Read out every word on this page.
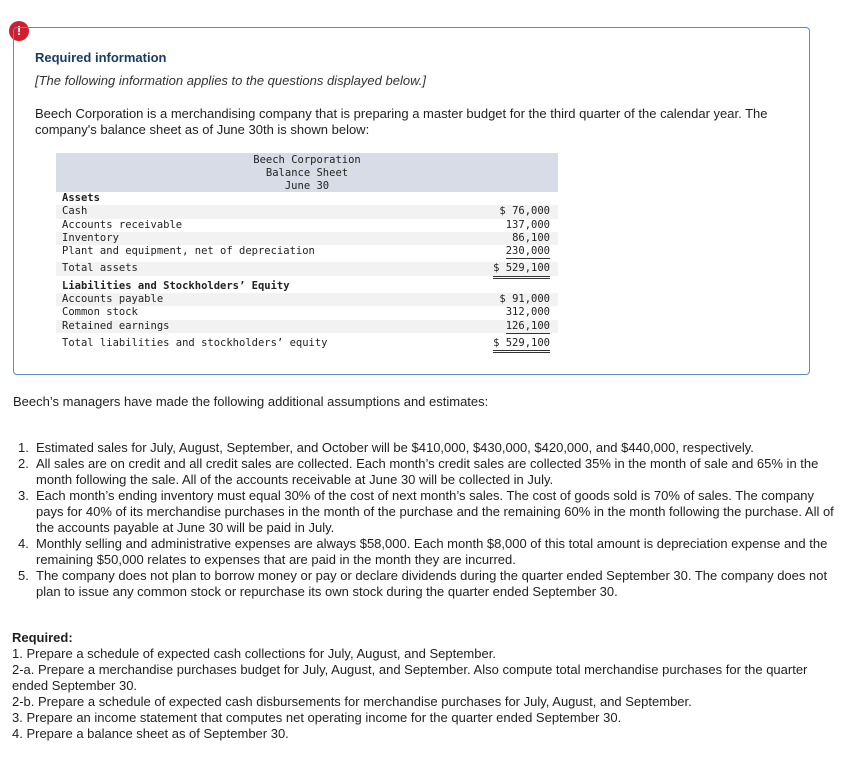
!
Required information
[The following information applies to the questions displayed below.]
Beech Corporation is a merchandising company that is preparing a master budget for the third quarter of the calendar year. The company's balance sheet as of June 30th is shown below:
Beech Corporation
Balance Sheet
June 30
Assets
Cash	$ 76,000
Accounts receivable	137,000
Inventory	86,100
Plant and equipment, net of depreciation	230,000
Total assets	$ 529,100
Liabilities and Stockholders’ Equity
Accounts payable	$ 91,000
Common stock	312,000
Retained earnings	126,100
Total liabilities and stockholders’ equity	$ 529,100
Beech’s managers have made the following additional assumptions and estimates:
1. Estimated sales for July, August, September, and October will be $410,000, $430,000, $420,000, and $440,000, respectively.
2. All sales are on credit and all credit sales are collected. Each month’s credit sales are collected 35% in the month of sale and 65% in the month following the sale. All of the accounts receivable at June 30 will be collected in July.
3. Each month’s ending inventory must equal 30% of the cost of next month’s sales. The cost of goods sold is 70% of sales. The company pays for 40% of its merchandise purchases in the month of the purchase and the remaining 60% in the month following the purchase. All of the accounts payable at June 30 will be paid in July.
4. Monthly selling and administrative expenses are always $58,000. Each month $8,000 of this total amount is depreciation expense and the remaining $50,000 relates to expenses that are paid in the month they are incurred.
5. The company does not plan to borrow money or pay or declare dividends during the quarter ended September 30. The company does not plan to issue any common stock or repurchase its own stock during the quarter ended September 30.
Required:
1. Prepare a schedule of expected cash collections for July, August, and September.
2-a. Prepare a merchandise purchases budget for July, August, and September. Also compute total merchandise purchases for the quarter ended September 30.
2-b. Prepare a schedule of expected cash disbursements for merchandise purchases for July, August, and September.
3. Prepare an income statement that computes net operating income for the quarter ended September 30.
4. Prepare a balance sheet as of September 30.
